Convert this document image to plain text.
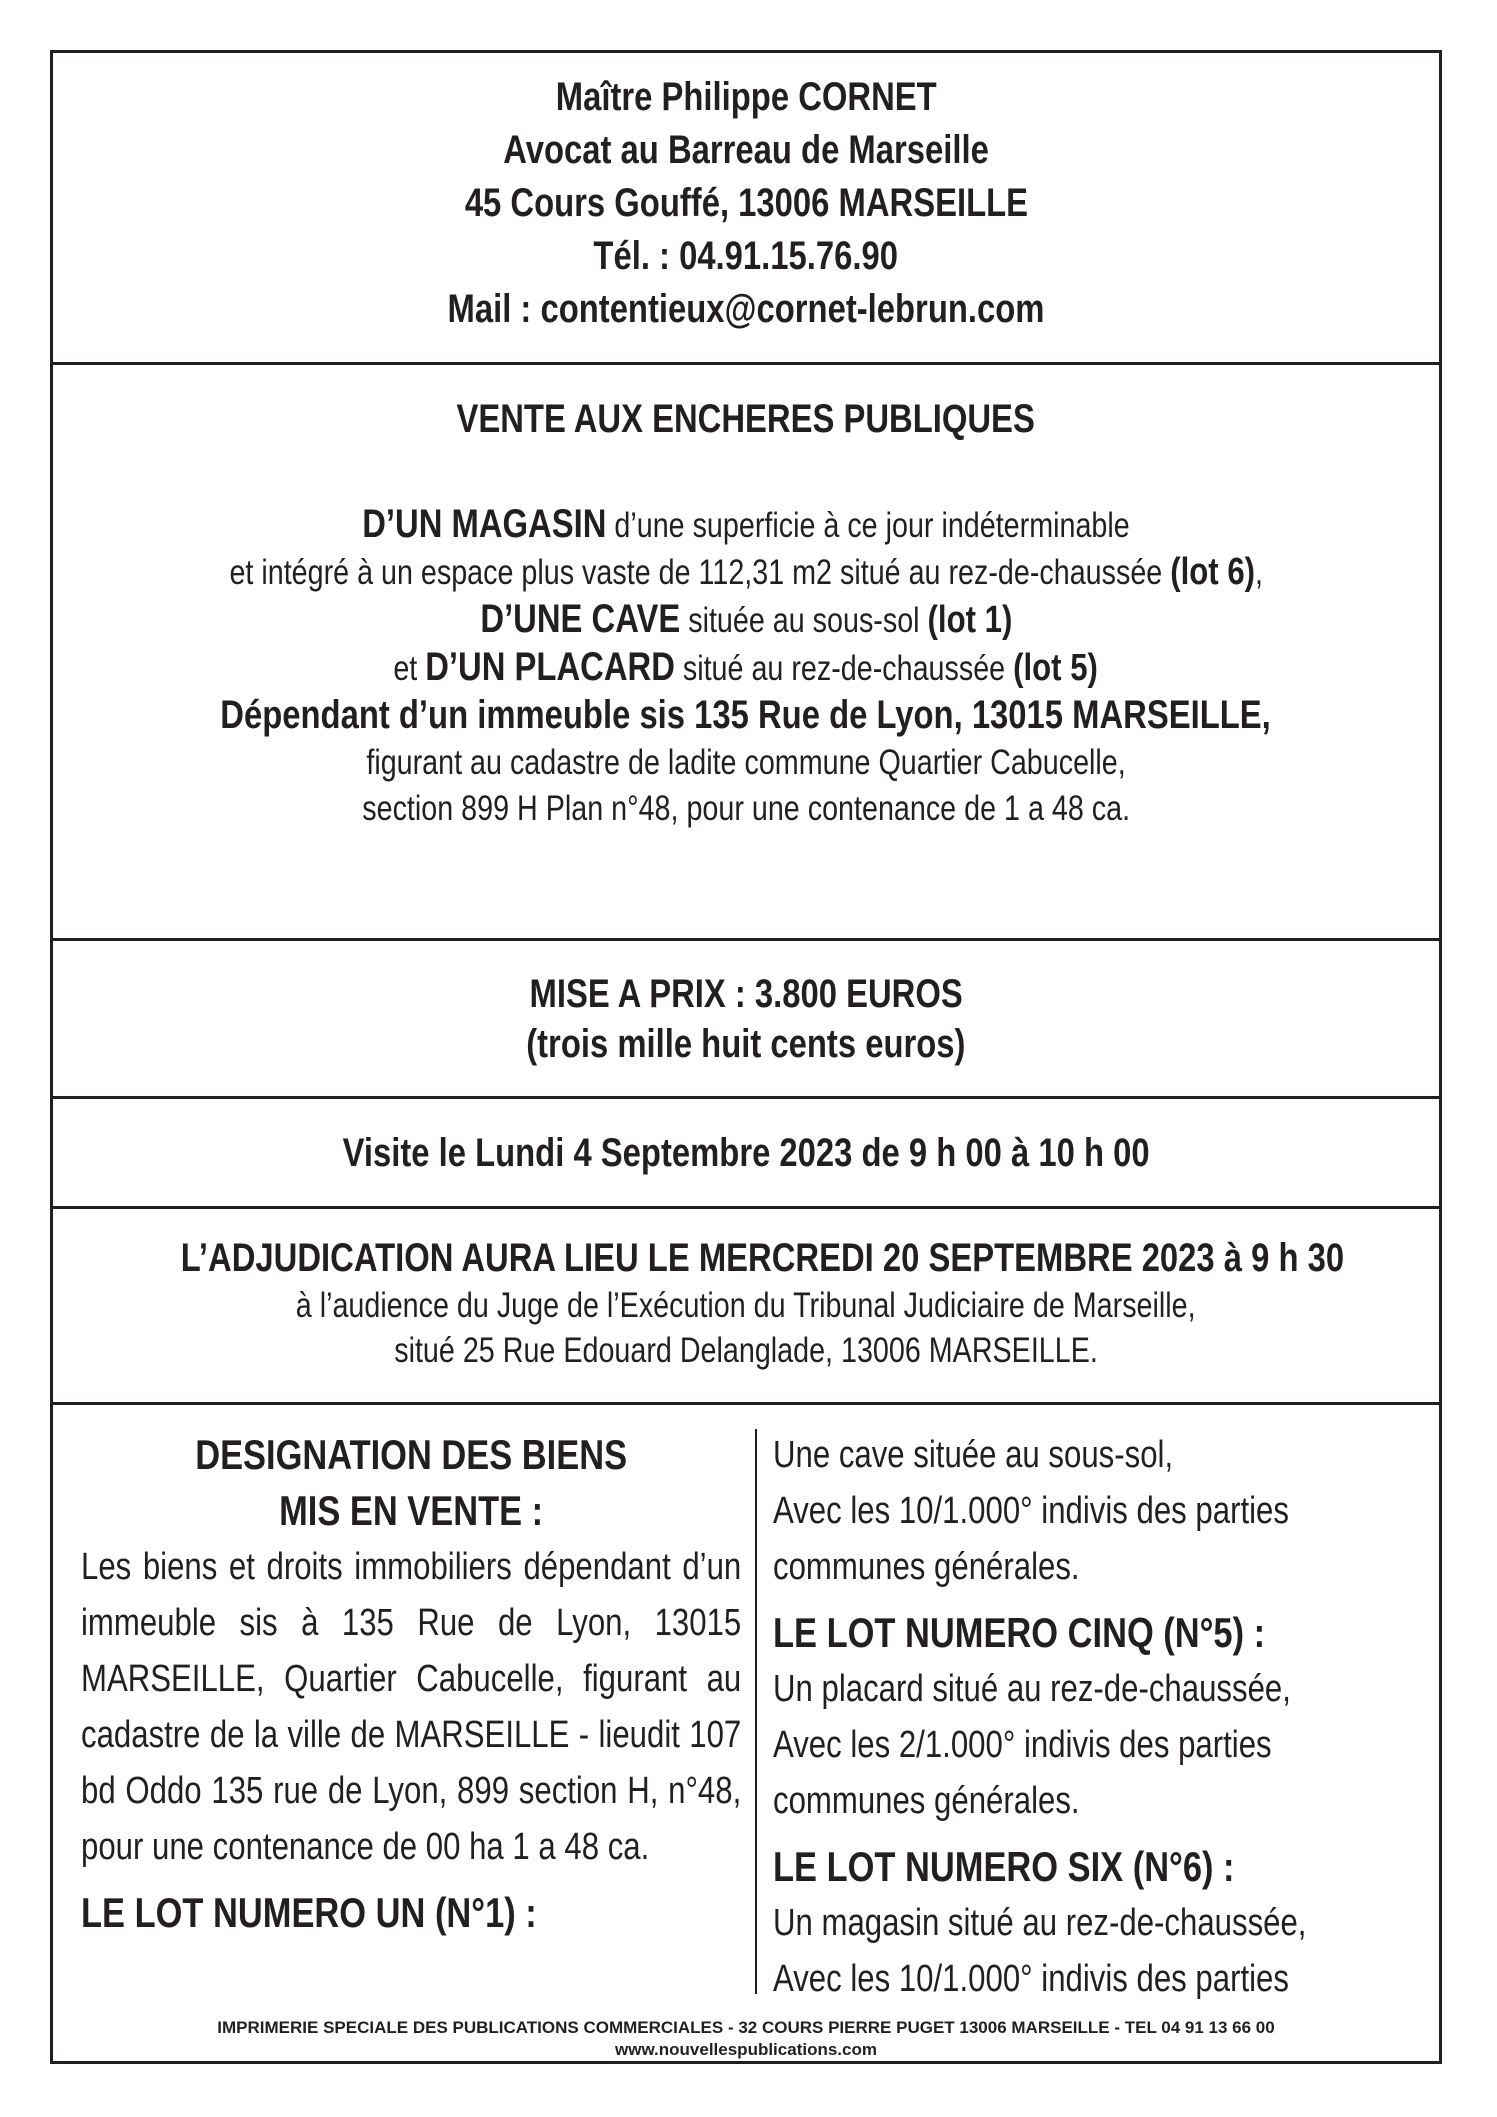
Maître Philippe CORNET

Avocat au Barreau de Marseille

45 Cours Gouffé, 13006 MARSEILLE

Tél. : 04.91.15.76.90

Mail : contentieux@cornet-lebrun.com

VENTE AUX ENCHERES PUBLIQUES

D’UN MAGASIN d’une superficie à ce jour indéterminable

et intégré à un espace plus vaste de 112,31 m2 situé au rez-de-chaussée (lot 6),

D’UNE CAVE située au sous-sol (lot 1)

et D’UN PLACARD situé au rez-de-chaussée (lot 5)

Dépendant d’un immeuble sis 135 Rue de Lyon, 13015 MARSEILLE,

figurant au cadastre de ladite commune Quartier Cabucelle,

section 899 H Plan n°48, pour une contenance de 1 a 48 ca.

MISE A PRIX : 3.800 EUROS

(trois mille huit cents euros)

Visite le Lundi 4 Septembre 2023 de 9 h 00 à 10 h 00

L’ADJUDICATION AURA LIEU LE MERCREDI 20 SEPTEMBRE 2023 à 9 h 30

à l’audience du Juge de l’Exécution du Tribunal Judiciaire de Marseille,

situé 25 Rue Edouard Delanglade, 13006 MARSEILLE.

DESIGNATION DES BIENS

MIS EN VENTE :

Les biens et droits immobiliers dépendant d’un immeuble sis à 135 Rue de Lyon, 13015 MARSEILLE, Quartier Cabucelle, figurant au cadastre de la ville de MARSEILLE - lieudit 107 bd Oddo 135 rue de Lyon, 899 section H, n°48, pour une contenance de 00 ha 1 a 48 ca.

LE LOT NUMERO UN (N°1) :

Une cave située au sous-sol,

Avec les 10/1.000° indivis des parties

communes générales.

LE LOT NUMERO CINQ (N°5) :

Un placard situé au rez-de-chaussée,

Avec les 2/1.000° indivis des parties

communes générales.

LE LOT NUMERO SIX (N°6) :

Un magasin situé au rez-de-chaussée,

Avec les 10/1.000° indivis des parties

IMPRIMERIE SPECIALE DES PUBLICATIONS COMMERCIALES - 32 COURS PIERRE PUGET 13006 MARSEILLE - TEL 04 91 13 66 00

www.nouvellespublications.com
